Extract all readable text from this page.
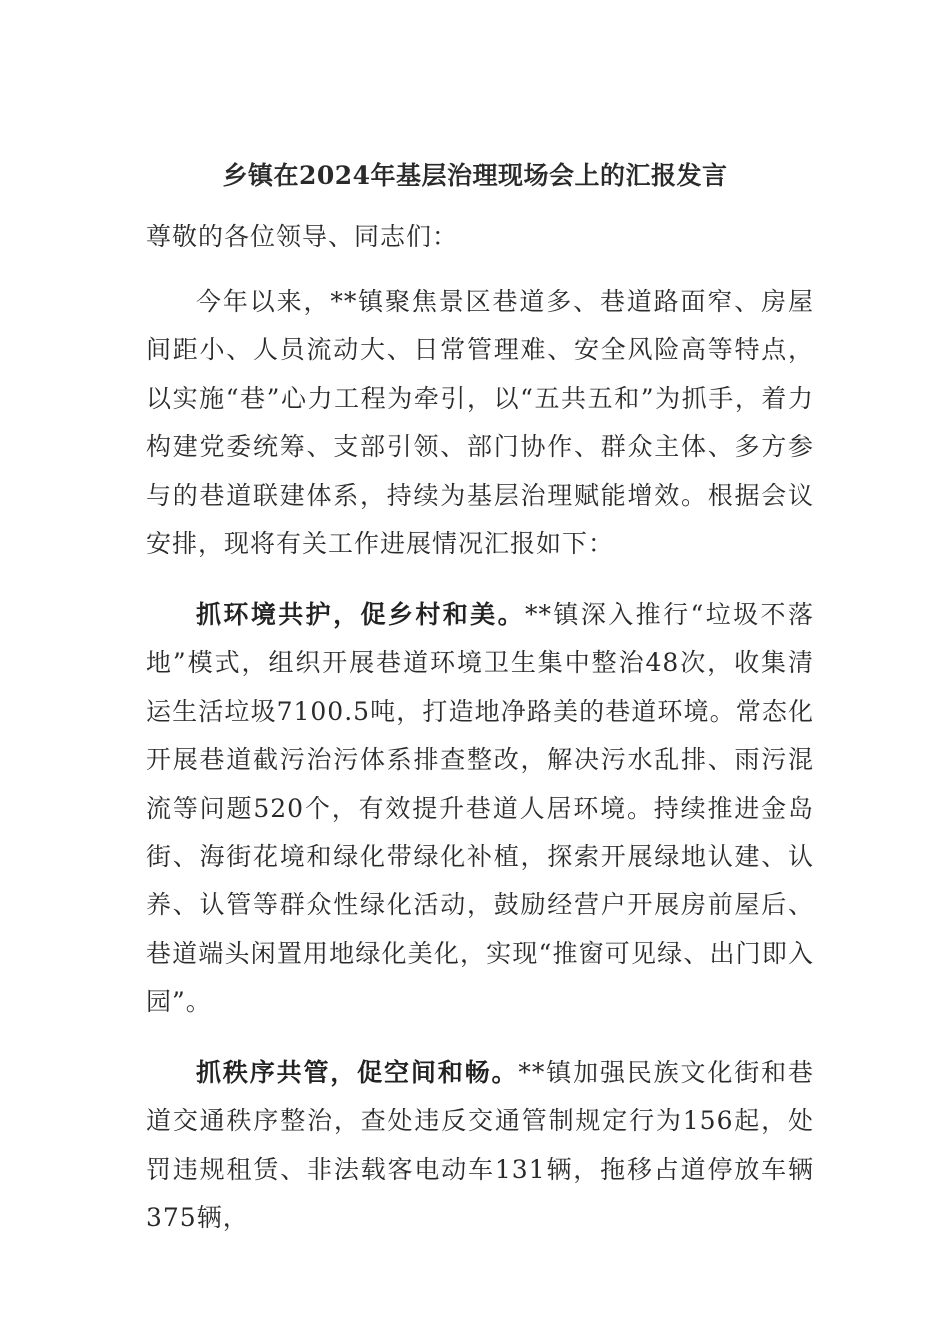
乡镇在2024年基层治理现场会上的汇报发言
尊敬的各位领导、同志们：

今年以来，**镇聚焦景区巷道多、巷道路面窄、房屋间距小、人员流动大、日常管理难、安全风险高等特点，以实施“巷”心力工程为牵引，以“五共五和”为抓手，着力构建党委统筹、支部引领、部门协作、群众主体、多方参与的巷道联建体系，持续为基层治理赋能增效。根据会议安排，现将有关工作进展情况汇报如下：

抓环境共护，促乡村和美。**镇深入推行“垃圾不落地”模式，组织开展巷道环境卫生集中整治48次，收集清运生活垃圾7100.5吨，打造地净路美的巷道环境。常态化开展巷道截污治污体系排查整改，解决污水乱排、雨污混流等问题520个，有效提升巷道人居环境。持续推进金岛街、海街花境和绿化带绿化补植，探索开展绿地认建、认养、认管等群众性绿化活动，鼓励经营户开展房前屋后、巷道端头闲置用地绿化美化，实现“推窗可见绿、出门即入园”。

抓秩序共管，促空间和畅。**镇加强民族文化街和巷道交通秩序整治，查处违反交通管制规定行为156起，处罚违规租赁、非法载客电动车131辆，拖移占道停放车辆375辆，
